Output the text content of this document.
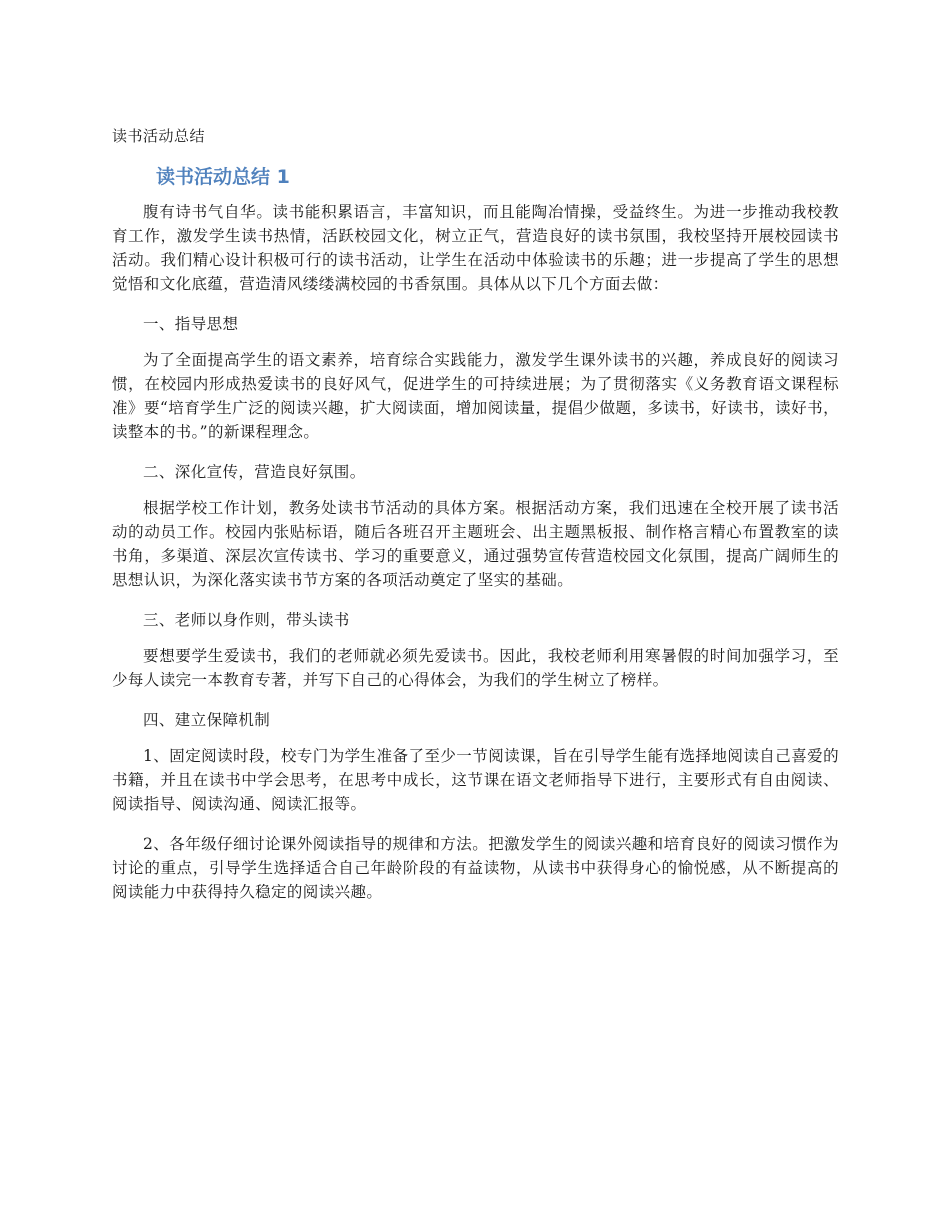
读书活动总结
读书活动总结 1

腹有诗书气自华。读书能积累语言，丰富知识，而且能陶冶情操，受益终生。为进一步推动我校教育工作，激发学生读书热情，活跃校园文化，树立正气，营造良好的读书氛围，我校坚持开展校园读书活动。我们精心设计积极可行的读书活动，让学生在活动中体验读书的乐趣；进一步提高了学生的思想觉悟和文化底蕴，营造清风缕缕满校园的书香氛围。具体从以下几个方面去做：

一、指导思想

为了全面提高学生的语文素养，培育综合实践能力，激发学生课外读书的兴趣，养成良好的阅读习惯，在校园内形成热爱读书的良好风气，促进学生的可持续进展；为了贯彻落实《义务教育语文课程标准》要“培育学生广泛的阅读兴趣，扩大阅读面，增加阅读量，提倡少做题，多读书，好读书，读好书，读整本的书。”的新课程理念。

二、深化宣传，营造良好氛围。

根据学校工作计划，教务处读书节活动的具体方案。根据活动方案，我们迅速在全校开展了读书活动的动员工作。校园内张贴标语，随后各班召开主题班会、出主题黑板报、制作格言精心布置教室的读书角，多渠道、深层次宣传读书、学习的重要意义，通过强势宣传营造校园文化氛围，提高广阔师生的思想认识，为深化落实读书节方案的各项活动奠定了坚实的基础。

三、老师以身作则，带头读书

要想要学生爱读书，我们的老师就必须先爱读书。因此，我校老师利用寒暑假的时间加强学习，至少每人读完一本教育专著，并写下自己的心得体会，为我们的学生树立了榜样。

四、建立保障机制

1、固定阅读时段，校专门为学生准备了至少一节阅读课，旨在引导学生能有选择地阅读自己喜爱的书籍，并且在读书中学会思考，在思考中成长，这节课在语文老师指导下进行，主要形式有自由阅读、阅读指导、阅读沟通、阅读汇报等。

2、各年级仔细讨论课外阅读指导的规律和方法。把激发学生的阅读兴趣和培育良好的阅读习惯作为讨论的重点，引导学生选择适合自己年龄阶段的有益读物，从读书中获得身心的愉悦感，从不断提高的阅读能力中获得持久稳定的阅读兴趣。
